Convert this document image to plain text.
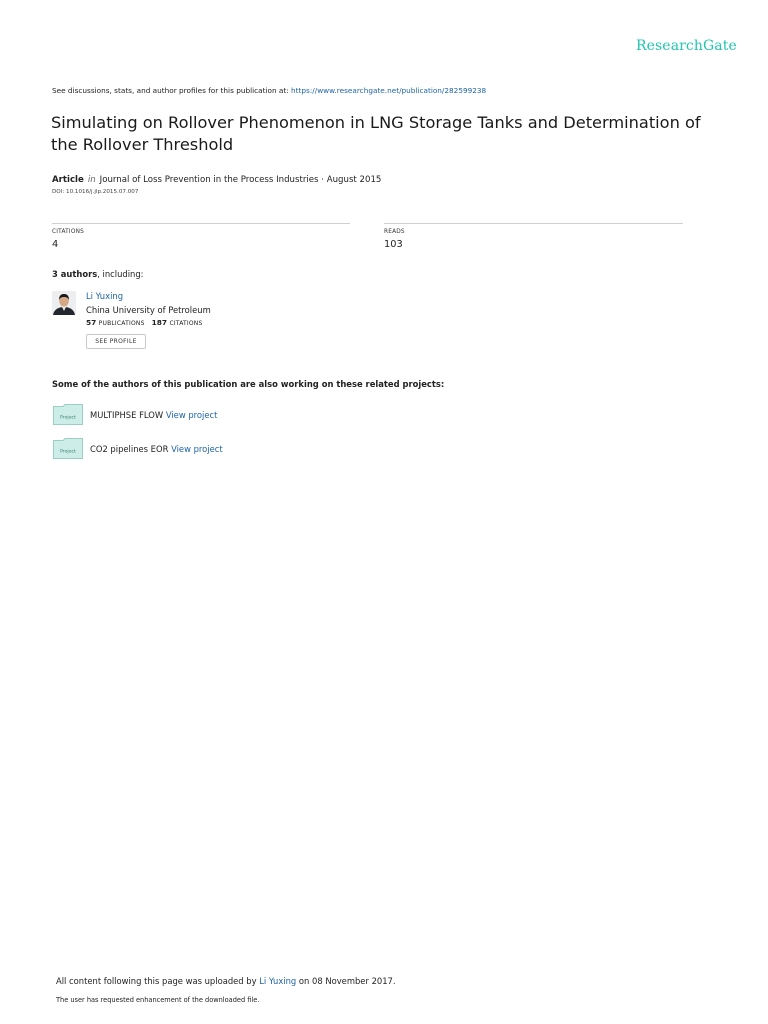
ResearchGate
See discussions, stats, and author profiles for this publication at: https://www.researchgate.net/publication/282599238
Simulating on Rollover Phenomenon in LNG Storage Tanks and Determination of the Rollover Threshold
Article in Journal of Loss Prevention in the Process Industries · August 2015
DOI: 10.1016/j.jlp.2015.07.007
CITATIONS
4
READS
103
3 authors, including:
Li Yuxing
China University of Petroleum
57 PUBLICATIONS 187 CITATIONS
SEE PROFILE
Some of the authors of this publication are also working on these related projects:
Project MULTIPHSE FLOW View project
Project CO2 pipelines EOR View project
All content following this page was uploaded by Li Yuxing on 08 November 2017.
The user has requested enhancement of the downloaded file.
